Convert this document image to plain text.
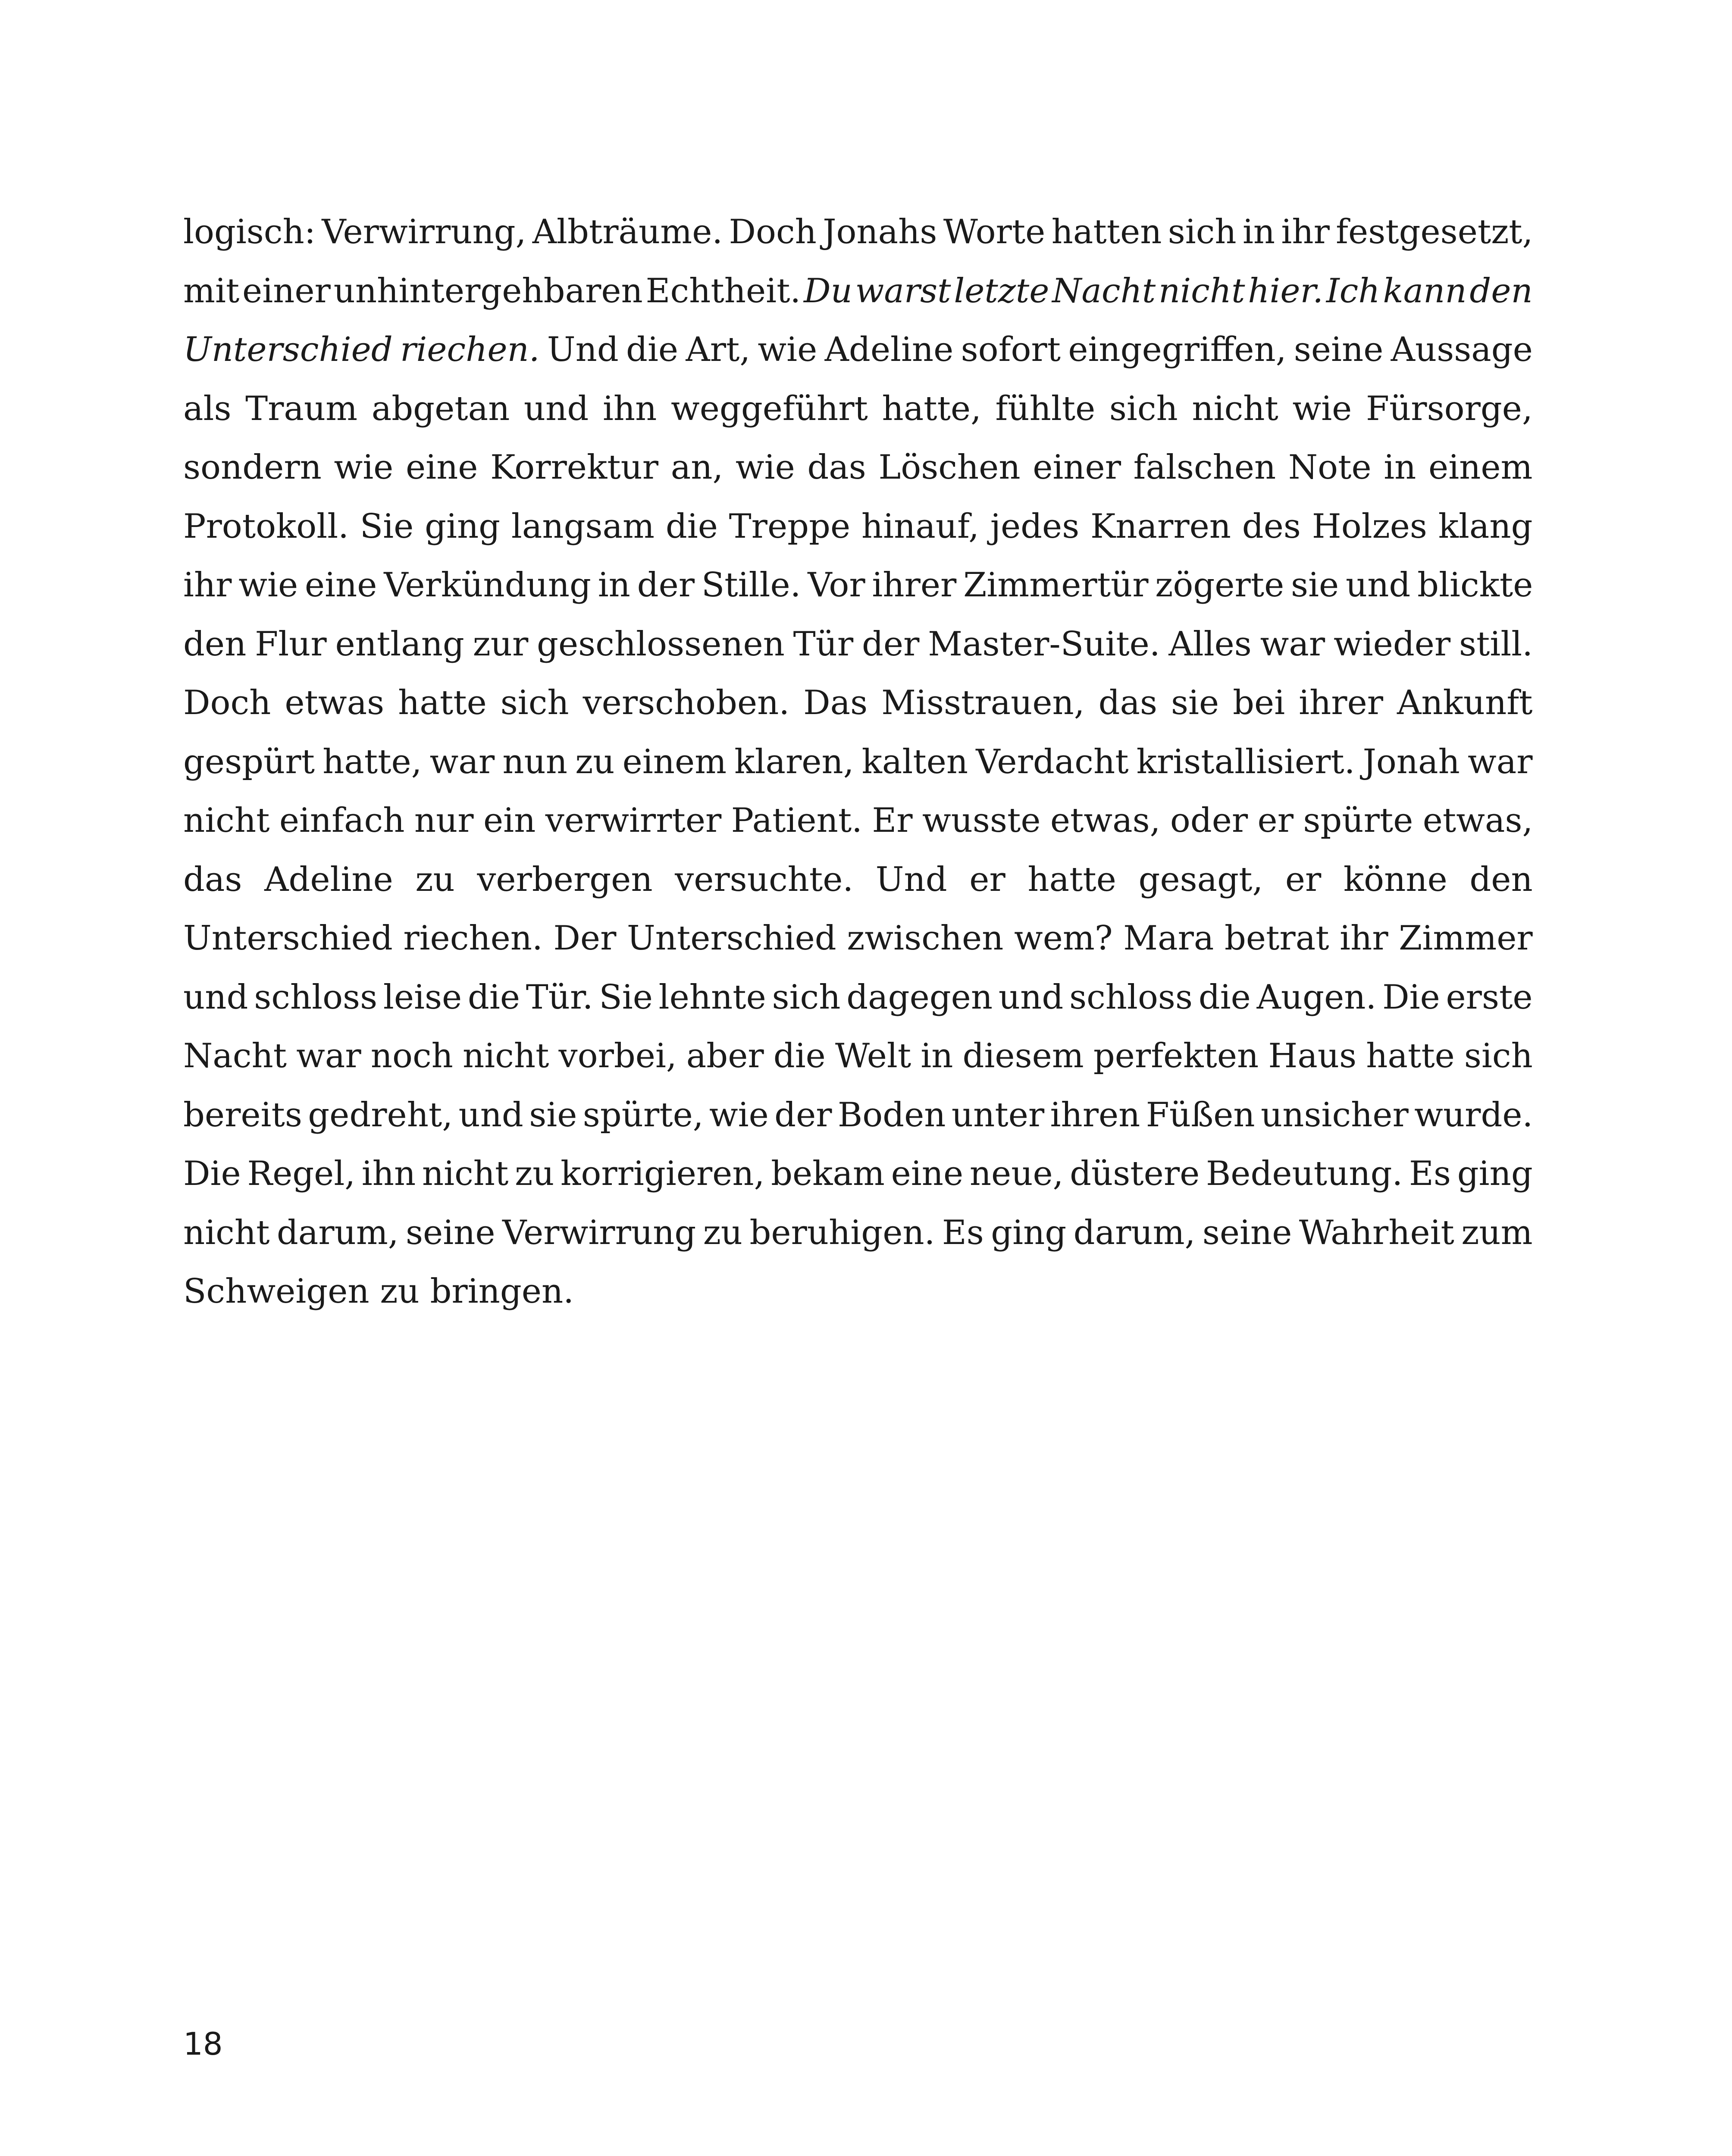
logisch: Verwirrung, Albträume. Doch Jonahs Worte hatten sich in ihr festgesetzt,
mit einer unhintergehbaren Echtheit. Du warst letzte Nacht nicht hier. Ich kann den
Unterschied riechen. Und die Art, wie Adeline sofort eingegriffen, seine Aussage
als Traum abgetan und ihn weggeführt hatte, fühlte sich nicht wie Fürsorge,
sondern wie eine Korrektur an, wie das Löschen einer falschen Note in einem
Protokoll. Sie ging langsam die Treppe hinauf, jedes Knarren des Holzes klang
ihr wie eine Verkündung in der Stille. Vor ihrer Zimmertür zögerte sie und blickte
den Flur entlang zur geschlossenen Tür der Master-Suite. Alles war wieder still.
Doch etwas hatte sich verschoben. Das Misstrauen, das sie bei ihrer Ankunft
gespürt hatte, war nun zu einem klaren, kalten Verdacht kristallisiert. Jonah war
nicht einfach nur ein verwirrter Patient. Er wusste etwas, oder er spürte etwas,
das Adeline zu verbergen versuchte. Und er hatte gesagt, er könne den
Unterschied riechen. Der Unterschied zwischen wem? Mara betrat ihr Zimmer
und schloss leise die Tür. Sie lehnte sich dagegen und schloss die Augen. Die erste
Nacht war noch nicht vorbei, aber die Welt in diesem perfekten Haus hatte sich
bereits gedreht, und sie spürte, wie der Boden unter ihren Füßen unsicher wurde.
Die Regel, ihn nicht zu korrigieren, bekam eine neue, düstere Bedeutung. Es ging
nicht darum, seine Verwirrung zu beruhigen. Es ging darum, seine Wahrheit zum
Schweigen zu bringen.
18
